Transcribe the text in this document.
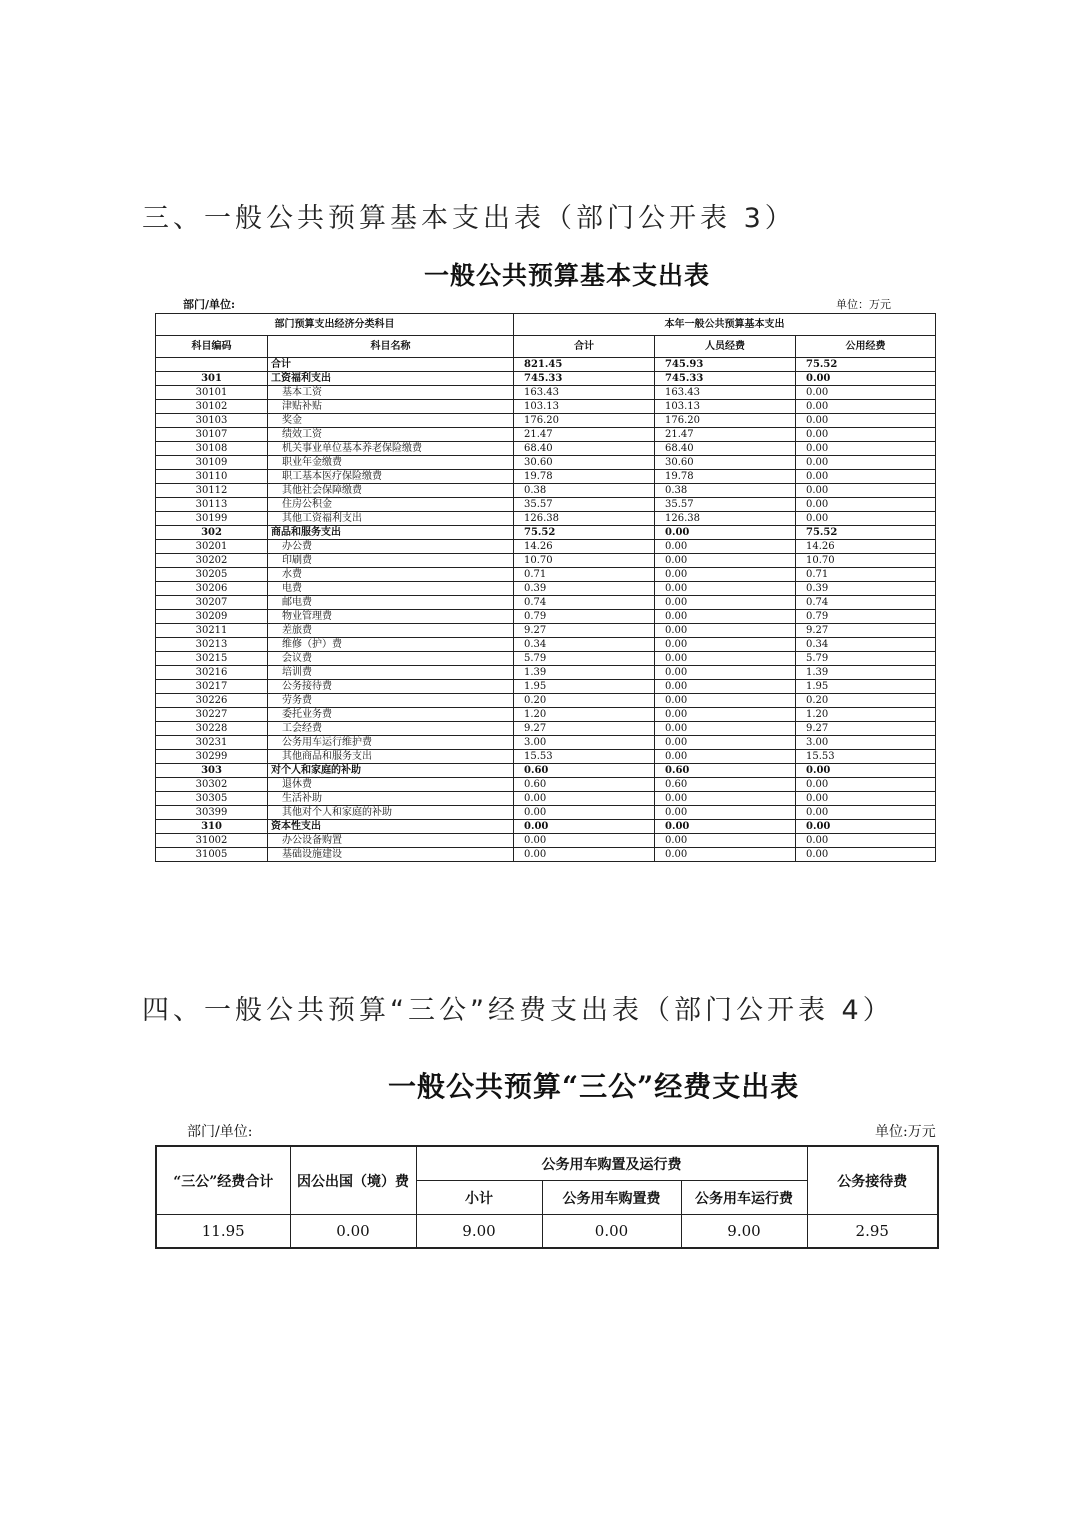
三、一般公共预算基本支出表（部门公开表 3）
一般公共预算基本支出表
部门/单位:	单位：万元
部门预算支出经济分类科目		本年一般公共预算基本支出		
科目编码	科目名称	合计	人员经费	公用经费
	合计	821.45	745.93	75.52
301	工资福利支出	745.33	745.33	0.00
30101	基本工资	163.43	163.43	0.00
30102	津贴补贴	103.13	103.13	0.00
30103	奖金	176.20	176.20	0.00
30107	绩效工资	21.47	21.47	0.00
30108	机关事业单位基本养老保险缴费	68.40	68.40	0.00
30109	职业年金缴费	30.60	30.60	0.00
30110	职工基本医疗保险缴费	19.78	19.78	0.00
30112	其他社会保障缴费	0.38	0.38	0.00
30113	住房公积金	35.57	35.57	0.00
30199	其他工资福利支出	126.38	126.38	0.00
302	商品和服务支出	75.52	0.00	75.52
30201	办公费	14.26	0.00	14.26
30202	印刷费	10.70	0.00	10.70
30205	水费	0.71	0.00	0.71
30206	电费	0.39	0.00	0.39
30207	邮电费	0.74	0.00	0.74
30209	物业管理费	0.79	0.00	0.79
30211	差旅费	9.27	0.00	9.27
30213	维修（护）费	0.34	0.00	0.34
30215	会议费	5.79	0.00	5.79
30216	培训费	1.39	0.00	1.39
30217	公务接待费	1.95	0.00	1.95
30226	劳务费	0.20	0.00	0.20
30227	委托业务费	1.20	0.00	1.20
30228	工会经费	9.27	0.00	9.27
30231	公务用车运行维护费	3.00	0.00	3.00
30299	其他商品和服务支出	15.53	0.00	15.53
303	对个人和家庭的补助	0.60	0.60	0.00
30302	退休费	0.60	0.60	0.00
30305	生活补助	0.00	0.00	0.00
30399	其他对个人和家庭的补助	0.00	0.00	0.00
310	资本性支出	0.00	0.00	0.00
31002	办公设备购置	0.00	0.00	0.00
31005	基础设施建设	0.00	0.00	0.00
四、一般公共预算“三公”经费支出表（部门公开表 4）
一般公共预算“三公”经费支出表
部门/单位:	单位:万元
“三公”经费合计	因公出国（境）费	公务用车购置及运行费			公务接待费
		小计	公务用车购置费	公务用车运行费	
11.95	0.00	9.00	0.00	9.00	2.95
